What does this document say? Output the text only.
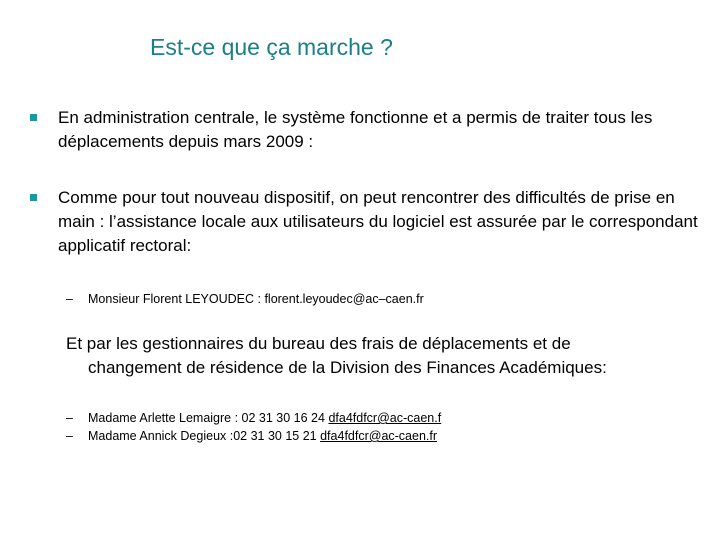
Est-ce que ça marche ?
En administration centrale, le système fonctionne et a permis de traiter tous les déplacements depuis mars 2009 :
Comme pour tout nouveau dispositif, on peut rencontrer des difficultés de prise en main : l’assistance locale aux utilisateurs du logiciel est assurée par le correspondant applicatif rectoral:
– Monsieur Florent LEYOUDEC : florent.leyoudec@ac–caen.fr
Et par les gestionnaires du bureau des frais de déplacements et de
changement de résidence de la Division des Finances Académiques:
– Madame Arlette Lemaigre : 02 31 30 16 24 dfa4fdfcr@ac-caen.f
– Madame Annick Degieux :02 31 30 15 21 dfa4fdfcr@ac-caen.fr
